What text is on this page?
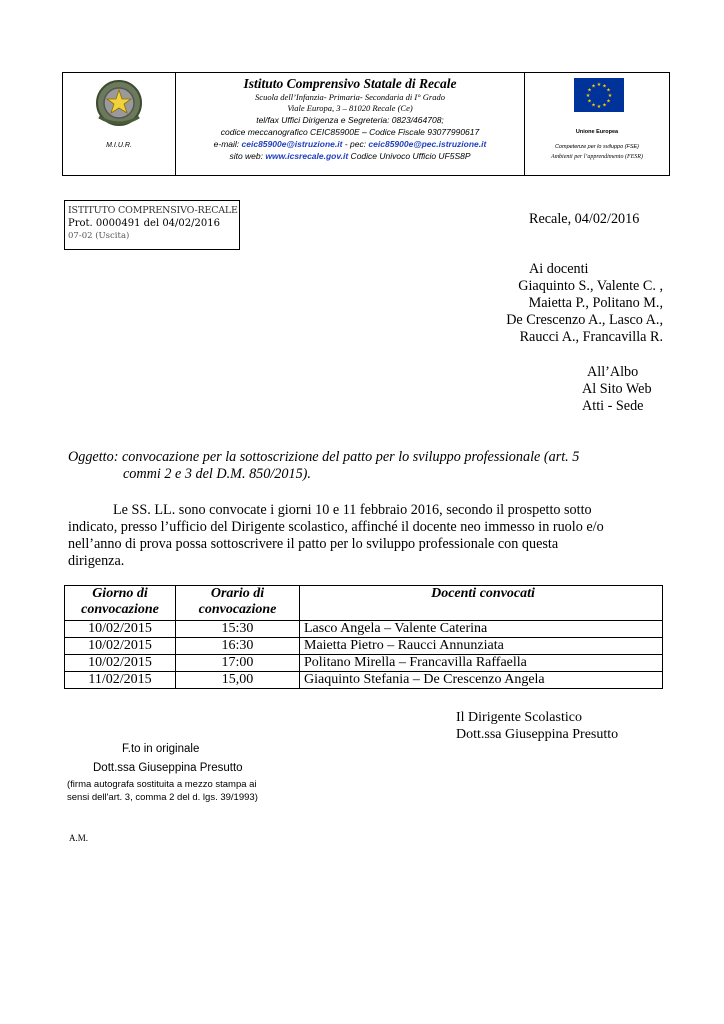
M.I.U.R.
Istituto Comprensivo Statale di Recale
Scuola dell’Infanzia- Primaria- Secondaria di I° Grado
Viale Europa, 3 – 81020 Recale (Ce)
tel/fax Uffici Dirigenza e Segreteria: 0823/464708;
codice meccanografico CEIC85900E – Codice Fiscale 93077990617
e-mail: ceic85900e@istruzione.it - pec: ceic85900e@pec.istruzione.it
sito web: www.icsrecale.gov.it Codice Univoco Ufficio UF5S8P
★ ★
★
★
★
★
★
★
★
★
★
★
Unione Europea
Competenze per lo sviluppo (FSE)
Ambienti per l’apprendimento (FESR)
ISTITUTO COMPRENSIVO-RECALE
Prot. 0000491 del 04/02/2016
07-02 (Uscita)
Recale, 04/02/2016
Ai docenti
Giaquinto S., Valente C. ,
Maietta P., Politano M.,
De Crescenzo A., Lasco A.,
Raucci A., Francavilla R.
All’Albo
Al Sito Web
Atti - Sede
Oggetto: convocazione per la sottoscrizione del patto per lo sviluppo professionale (art. 5
commi 2 e 3 del D.M. 850/2015).
Le SS. LL. sono convocate i giorni 10 e 11 febbraio 2016, secondo il prospetto sotto
indicato, presso l’ufficio del Dirigente scolastico, affinché il docente neo immesso in ruolo e/o
nell’anno di prova possa sottoscrivere il patto per lo sviluppo professionale con questa
dirigenza.
Giorno di
convocazione	Orario di
convocazione	Docenti convocati
10/02/2015	15:30	Lasco Angela – Valente Caterina
10/02/2015	16:30	Maietta Pietro – Raucci Annunziata
10/02/2015	17:00	Politano Mirella – Francavilla Raffaella
11/02/2015	15,00	Giaquinto Stefania – De Crescenzo Angela
Il Dirigente Scolastico
Dott.ssa Giuseppina Presutto
F.to in originale
Dott.ssa Giuseppina Presutto
(firma autografa sostituita a mezzo stampa ai
sensi dell'art. 3, comma 2 del d. lgs. 39/1993)
A.M.
